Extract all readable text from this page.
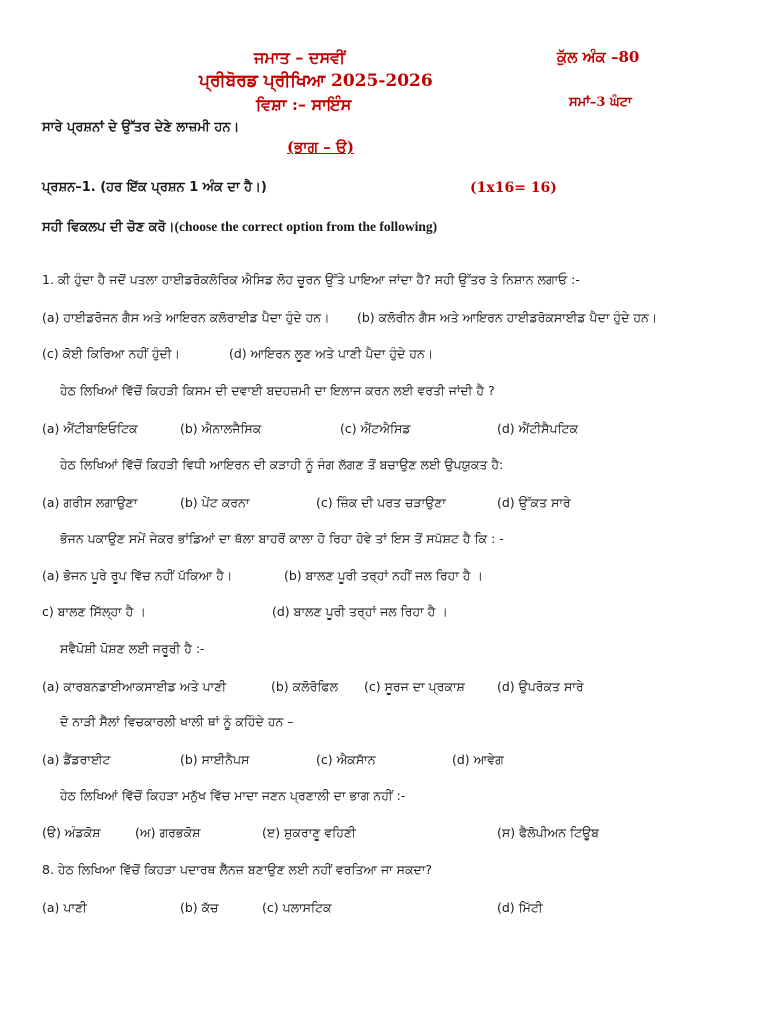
ਜਮਾਤ – ਦਸਵੀਂ	ਕੁੱਲ ਅੰਕ –80
ਪ੍ਰੀਬੋਰਡ ਪ੍ਰੀਖਿਆ 2025-2026
ਵਿਸ਼ਾ :– ਸਾਇੰਸ	ਸਮਾਂ–3 ਘੰਟਾ
ਸਾਰੇ ਪ੍ਰਸ਼ਨਾਂ ਦੇ ਉੱਤਰ ਦੇਣੇ ਲਾਜ਼ਮੀ ਹਨ।
(ਭਾਗ – ੳ)
ਪ੍ਰਸ਼ਨ–1. (ਹਰ ਇੱਕ ਪ੍ਰਸ਼ਨ 1 ਅੰਕ ਦਾ ਹੈ।)	(1x16= 16)
ਸਹੀ ਵਿਕਲਪ ਦੀ ਚੋਣ ਕਰੋ।(choose the correct option from the following)
1. ਕੀ ਹੁੰਦਾ ਹੈ ਜਦੋਂ ਪਤਲਾ ਹਾਈਡਰੋਕਲੋਰਿਕ ਐਸਿਡ ਲੋਹ ਚੂਰਨ ਉੱਤੇ ਪਾਇਆ ਜਾਂਦਾ ਹੈ? ਸਹੀ ਉੱਤਰ ਤੇ ਨਿਸ਼ਾਨ ਲਗਾਓ :-
(a) ਹਾਈਡਰੋਜਨ ਗੈਸ ਅਤੇ ਆਇਰਨ ਕਲੋਰਾਈਡ ਪੈਦਾ ਹੁੰਦੇ ਹਨ। (b) ਕਲੋਰੀਨ ਗੈਸ ਅਤੇ ਆਇਰਨ ਹਾਈਡਰੋਕਸਾਈਡ ਪੈਦਾ ਹੁੰਦੇ ਹਨ।
(c) ਕੋਈ ਕਿਰਿਆ ਨਹੀਂ ਹੁੰਦੀ।	(d) ਆਇਰਨ ਲੂਣ ਅਤੇ ਪਾਣੀ ਪੈਦਾ ਹੁੰਦੇ ਹਨ।
ਹੇਠ ਲਿਖਿਆਂ ਵਿੱਚੋਂ ਕਿਹੜੀ ਕਿਸਮ ਦੀ ਦਵਾਈ ਬਦਹਜ਼ਮੀ ਦਾ ਇਲਾਜ ਕਰਨ ਲਈ ਵਰਤੀ ਜਾਂਦੀ ਹੈ ?
(a) ਐਂਟੀਬਾਇਓਟਿਕ	(b) ਐਨਾਲਜੈਸਿਕ	(c) ਐਂਟਐਸਿਡ	(d) ਐਂਟੀਸੈਪਟਿਕ
ਹੇਠ ਲਿਖਿਆਂ ਵਿੱਚੋਂ ਕਿਹੜੀ ਵਿਧੀ ਆਇਰਨ ਦੀ ਕੜਾਹੀ ਨੂੰ ਜੰਗ ਲੱਗਣ ਤੋਂ ਬਚਾਉਣ ਲਈ ਉਪਯੁਕਤ ਹੈ:
(a) ਗਰੀਸ ਲਗਾਉਣਾ	(b) ਪੇਂਟ ਕਰਨਾ	(c) ਜ਼ਿੰਕ ਦੀ ਪਰਤ ਚੜਾਉਣਾ	(d) ਉੱਕਤ ਸਾਰੇ
ਭੋਜਨ ਪਕਾਉਣ ਸਮੇਂ ਜੇਕਰ ਭਾਂਡਿਆਂ ਦਾ ਥੱਲਾ ਬਾਹਰੋਂ ਕਾਲਾ ਹੋ ਰਿਹਾ ਹੋਵੇ ਤਾਂ ਇਸ ਤੋਂ ਸਪੱਸ਼ਟ ਹੈ ਕਿ : -
(a) ਭੋਜਨ ਪੂਰੇ ਰੂਪ ਵਿੱਚ ਨਹੀਂ ਪੱਕਿਆ ਹੈ।	(b) ਬਾਲਣ ਪੂਰੀ ਤਰ੍ਹਾਂ ਨਹੀਂ ਜਲ ਰਿਹਾ ਹੈ ।
c) ਬਾਲਣ ਸਿੱਲ੍ਹਾ ਹੈ ।	(d) ਬਾਲਣ ਪੂਰੀ ਤਰ੍ਹਾਂ ਜਲ ਰਿਹਾ ਹੈ ।
ਸਵੈਪੋਸ਼ੀ ਪੋਸ਼ਣ ਲਈ ਜਰੂਰੀ ਹੈ :-
(a) ਕਾਰਬਨਡਾਈਆਕਸਾਈਡ ਅਤੇ ਪਾਣੀ	(b) ਕਲੋਰੋਫਿਲ (c) ਸੂਰਜ ਦਾ ਪ੍ਰਕਾਸ਼	(d) ਉਪਰੋਕਤ ਸਾਰੇ
ਦੋ ਨਾੜੀ ਸੈੱਲਾਂ ਵਿਚਕਾਰਲੀ ਖਾਲੀ ਥਾਂ ਨੂੰ ਕਹਿੰਦੇ ਹਨ –
(a) ਡੈਂਡਰਾਈਟ	(b) ਸਾਈਨੈਪਸ	(c) ਐਕਸਾੱਨ	(d) ਆਵੇਗ
ਹੇਠ ਲਿਖਿਆਂ ਵਿੱਚੋਂ ਕਿਹੜਾ ਮਨੁੱਖ ਵਿੱਚ ਮਾਦਾ ਜਣਨ ਪ੍ਰਣਾਲੀ ਦਾ ਭਾਗ ਨਹੀਂ :-
(ੳ) ਅੰਡਕੋਸ਼	(ਅ) ਗਰਭਕੋਸ਼	(ੲ) ਸ਼ੁਕਰਾਣੂ ਵਹਿਣੀ	(ਸ) ਫੈਲੋਪੀਅਨ ਟਿਊਬ
8. ਹੇਠ ਲਿਖਿਆ ਵਿੱਚੋਂ ਕਿਹੜਾ ਪਦਾਰਥ ਲੈੱਨਜ਼ ਬਣਾਉਣ ਲਈ ਨਹੀਂ ਵਰਤਿਆ ਜਾ ਸਕਦਾ?
(a) ਪਾਣੀ	(b) ਕੱਚ	(c) ਪਲਾਸਟਿਕ	(d) ਮਿੱਟੀ
